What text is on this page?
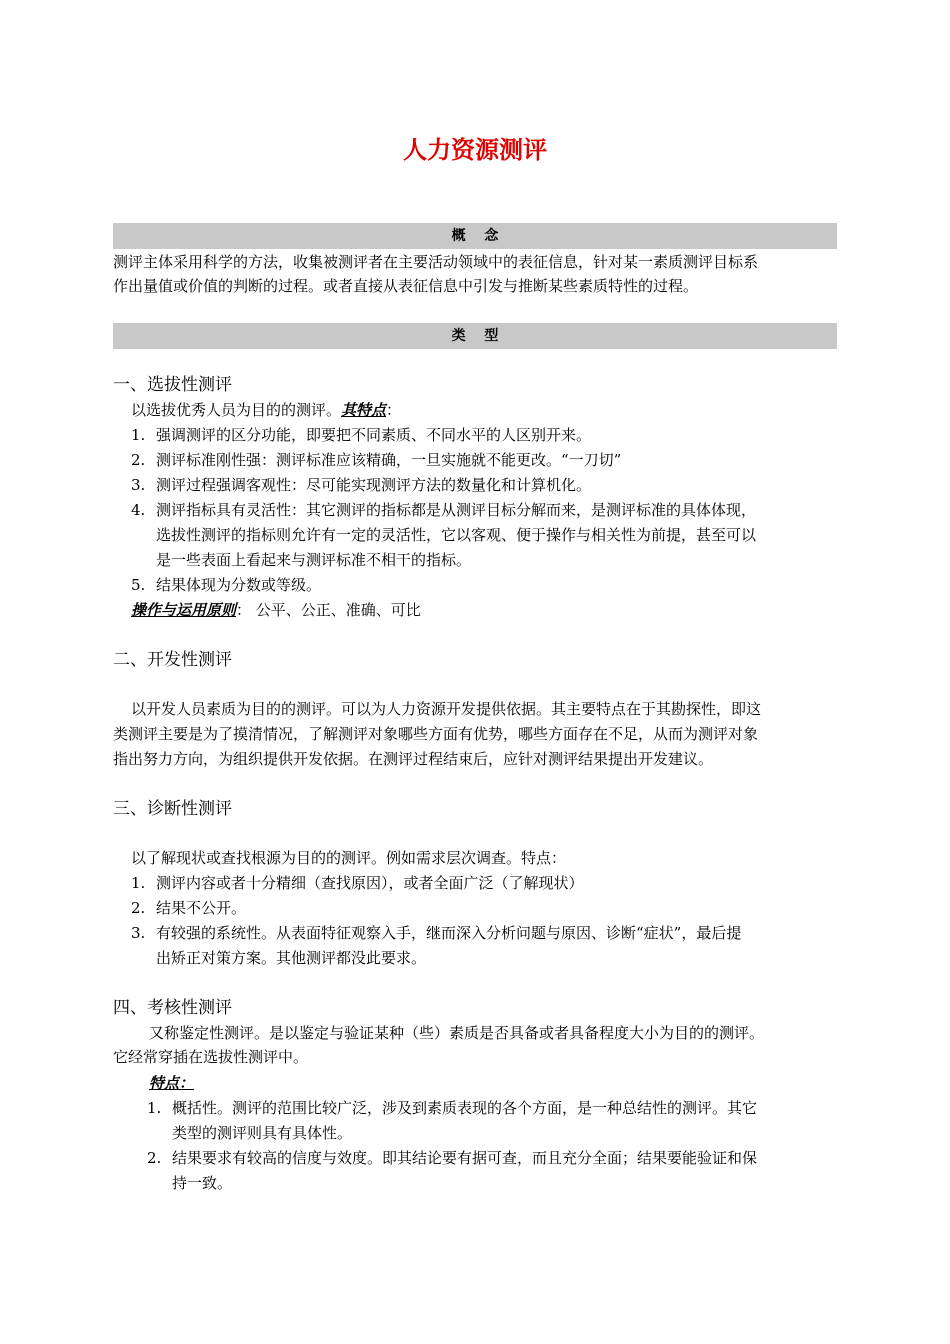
人力资源测评
概　 念
测评主体采用科学的方法，收集被测评者在主要活动领域中的表征信息，针对某一素质测评目标系
作出量值或价值的判断的过程。或者直接从表征信息中引发与推断某些素质特性的过程。
类　 型
一、选拔性测评
以选拔优秀人员为目的的测评。其特点：
1. 强调测评的区分功能，即要把不同素质、不同水平的人区别开来。
2. 测评标准刚性强：测评标准应该精确，一旦实施就不能更改。“一刀切”
3. 测评过程强调客观性：尽可能实现测评方法的数量化和计算机化。
4. 测评指标具有灵活性：其它测评的指标都是从测评目标分解而来，是测评标准的具体体现，
选拔性测评的指标则允许有一定的灵活性，它以客观、便于操作与相关性为前提，甚至可以
是一些表面上看起来与测评标准不相干的指标。
5. 结果体现为分数或等级。
操作与运用原则： 公平、公正、准确、可比
二、开发性测评
以开发人员素质为目的的测评。可以为人力资源开发提供依据。其主要特点在于其勘探性，即这
类测评主要是为了摸清情况，了解测评对象哪些方面有优势，哪些方面存在不足，从而为测评对象
指出努力方向，为组织提供开发依据。在测评过程结束后，应针对测评结果提出开发建议。
三、诊断性测评
以了解现状或查找根源为目的的测评。例如需求层次调查。特点：
1. 测评内容或者十分精细（查找原因），或者全面广泛（了解现状）
2. 结果不公开。
3. 有较强的系统性。从表面特征观察入手，继而深入分析问题与原因、诊断“症状”，最后提
出矫正对策方案。其他测评都没此要求。
四、考核性测评
又称鉴定性测评。是以鉴定与验证某种（些）素质是否具备或者具备程度大小为目的的测评。
它经常穿插在选拔性测评中。
特点：
1. 概括性。测评的范围比较广泛，涉及到素质表现的各个方面，是一种总结性的测评。其它
类型的测评则具有具体性。
2. 结果要求有较高的信度与效度。即其结论要有据可查，而且充分全面；结果要能验证和保
持一致。
